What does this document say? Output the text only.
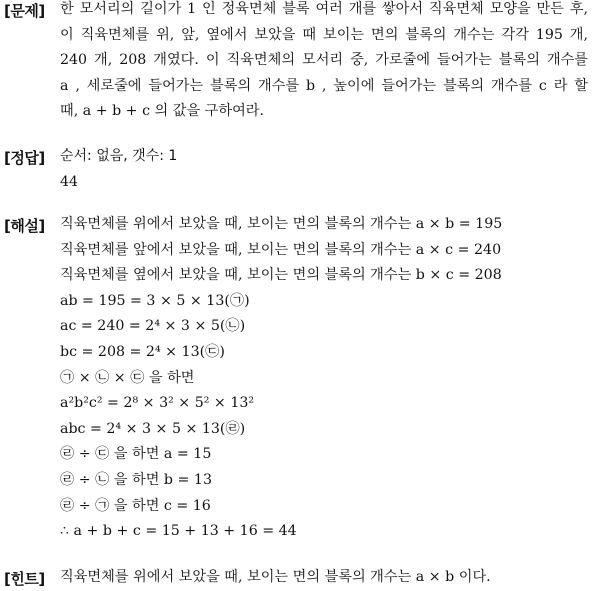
[문제] 한 모서리의 길이가 1 인 정육면체 블록 여러 개를 쌓아서 직육면체 모양을 만든 후,
이 직육면체를 위, 앞, 옆에서 보았을 때 보이는 면의 블록의 개수는 각각 195 개,
240 개, 208 개였다. 이 직육면체의 모서리 중, 가로줄에 들어가는 블록의 개수를
a , 세로줄에 들어가는 블록의 개수를 b , 높이에 들어가는 블록의 개수를 c 라 할
때, a + b + c 의 값을 구하여라.
[정답] 순서: 없음, 갯수: 1
44
[해설] 직육면체를 위에서 보았을 때, 보이는 면의 블록의 개수는 a × b = 195
직육면체를 앞에서 보았을 때, 보이는 면의 블록의 개수는 a × c = 240
직육면체를 옆에서 보았을 때, 보이는 면의 블록의 개수는 b × c = 208
ab = 195 = 3 × 5 × 13(㉠)
ac = 240 = 2⁴ × 3 × 5(㉡)
bc = 208 = 2⁴ × 13(㉢)
㉠ × ㉡ × ㉢ 을 하면
a²b²c² = 2⁸ × 3² × 5² × 13²
abc = 2⁴ × 3 × 5 × 13(㉣)
㉣ ÷ ㉢ 을 하면 a = 15
㉣ ÷ ㉡ 을 하면 b = 13
㉣ ÷ ㉠ 을 하면 c = 16
∴ a + b + c = 15 + 13 + 16 = 44
[힌트] 직육면체를 위에서 보았을 때, 보이는 면의 블록의 개수는 a × b 이다.
